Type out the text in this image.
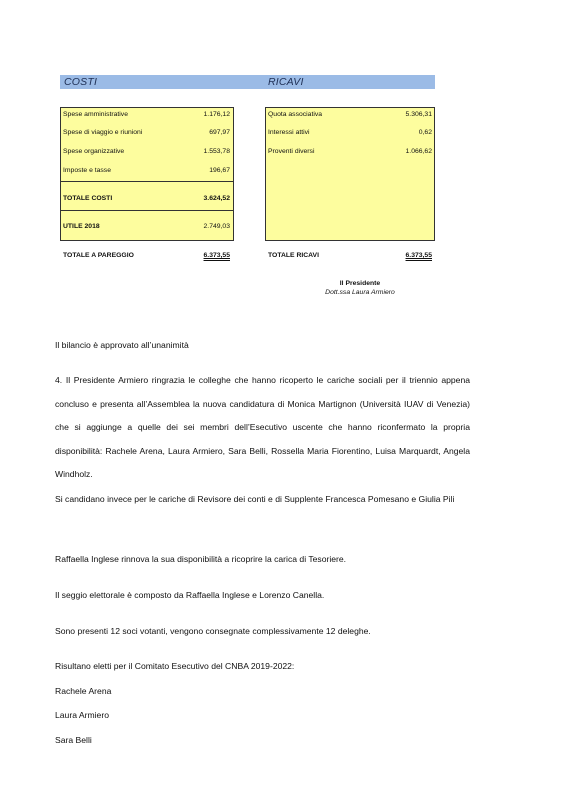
COSTI	RICAVI
Spese amministrative	1.176,12
Spese di viaggio e riunioni	697,97
Spese organizzative	1.553,78
Imposte e tasse	196,67
TOTALE COSTI	3.624,52
UTILE 2018	2.749,03
Quota associativa	5.306,31
Interessi attivi	0,62
Proventi diversi	1.066,62
TOTALE A PAREGGIO	6.373,55	TOTALE RICAVI	6.373,55
Il Presidente
Dott.ssa Laura Armiero
Il bilancio è approvato all’unanimità
4. Il Presidente Armiero ringrazia le colleghe che hanno ricoperto le cariche sociali per il triennio appena concluso e presenta all’Assemblea la nuova candidatura di Monica Martignon (Università IUAV di Venezia) che si aggiunge a quelle dei sei membri dell’Esecutivo uscente che hanno riconfermato la propria disponibilità: Rachele Arena, Laura Armiero, Sara Belli, Rossella Maria Fiorentino, Luisa Marquardt, Angela Windholz.
Si candidano invece per le cariche di Revisore dei conti e di Supplente Francesca Pomesano e Giulia Pili
Raffaella Inglese rinnova la sua disponibilità a ricoprire la carica di Tesoriere.
Il seggio elettorale è composto da Raffaella Inglese e Lorenzo Canella.
Sono presenti 12 soci votanti, vengono consegnate complessivamente 12 deleghe.
Risultano eletti per il Comitato Esecutivo del CNBA 2019-2022:
Rachele Arena
Laura Armiero
Sara Belli
